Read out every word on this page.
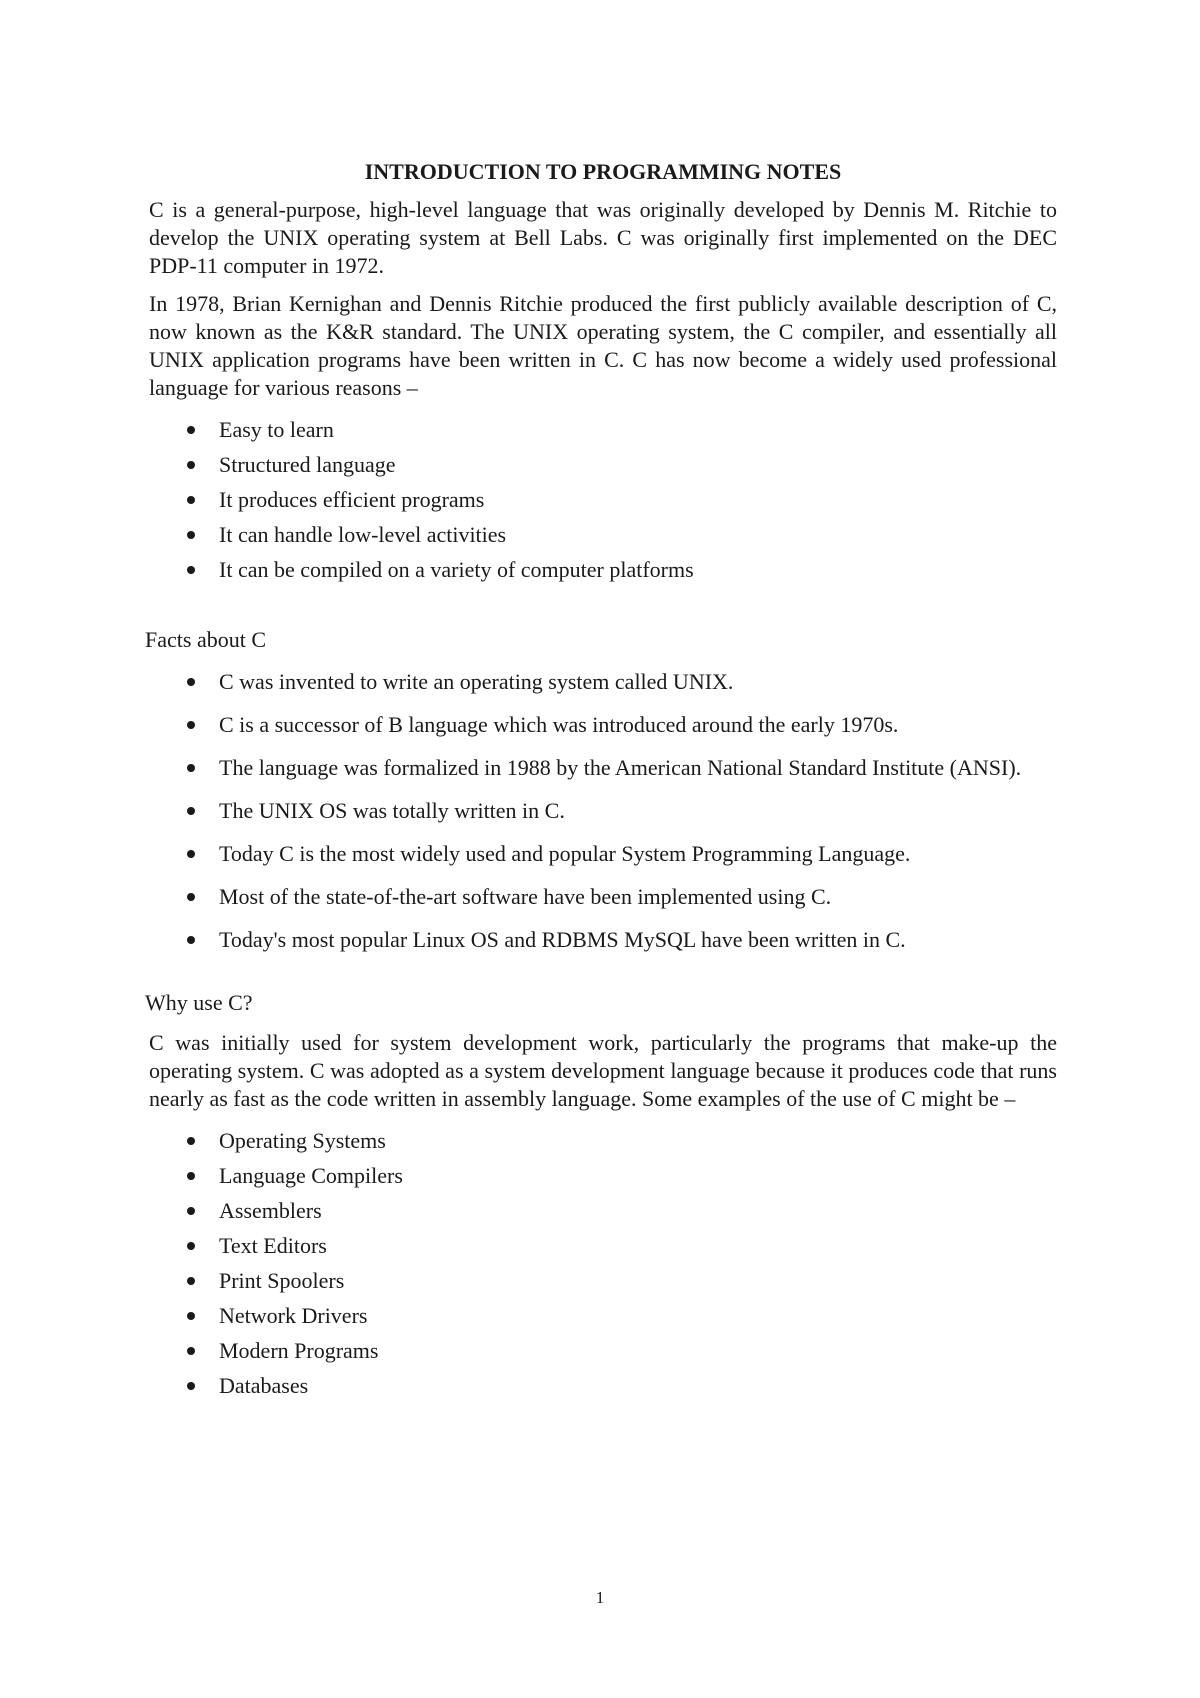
INTRODUCTION TO PROGRAMMING NOTES

C is a general-purpose, high-level language that was originally developed by Dennis M. Ritchie to develop the UNIX operating system at Bell Labs. C was originally first implemented on the DEC PDP-11 computer in 1972.

In 1978, Brian Kernighan and Dennis Ritchie produced the first publicly available description of C, now known as the K&R standard. The UNIX operating system, the C compiler, and essentially all UNIX application programs have been written in C. C has now become a widely used professional language for various reasons –

Easy to learn
Structured language
It produces efficient programs
It can handle low-level activities
It can be compiled on a variety of computer platforms

Facts about C

C was invented to write an operating system called UNIX.
C is a successor of B language which was introduced around the early 1970s.
The language was formalized in 1988 by the American National Standard Institute (ANSI).
The UNIX OS was totally written in C.
Today C is the most widely used and popular System Programming Language.
Most of the state-of-the-art software have been implemented using C.
Today's most popular Linux OS and RDBMS MySQL have been written in C.

Why use C?

C was initially used for system development work, particularly the programs that make-up the operating system. C was adopted as a system development language because it produces code that runs nearly as fast as the code written in assembly language. Some examples of the use of C might be –

Operating Systems
Language Compilers
Assemblers
Text Editors
Print Spoolers
Network Drivers
Modern Programs
Databases
1
